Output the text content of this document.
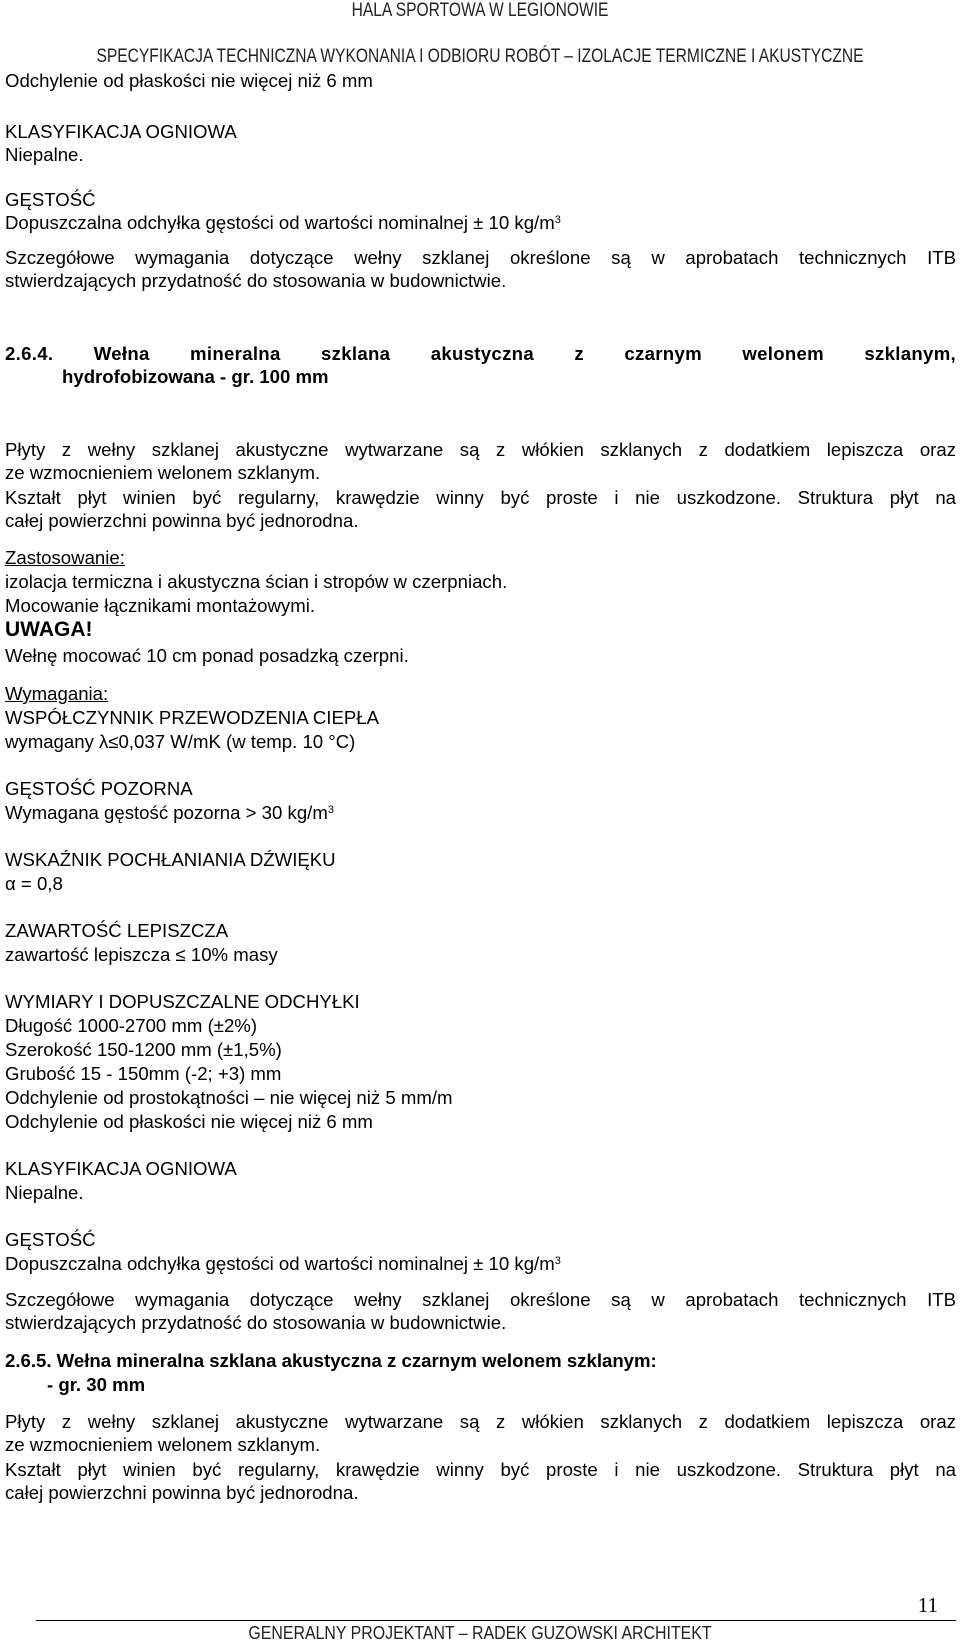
HALA SPORTOWA W LEGIONOWIE
SPECYFIKACJA TECHNICZNA WYKONANIA I ODBIORU ROBÓT – IZOLACJE TERMICZNE I AKUSTYCZNE
Odchylenie od płaskości nie więcej niż 6 mm
KLASYFIKACJA OGNIOWA
Niepalne.
GĘSTOŚĆ
Dopuszczalna odchyłka gęstości od wartości nominalnej ± 10 $kg/m^3$
Szczegółowe wymagania dotyczące wełny szklanej określone są w aprobatach technicznych ITB
stwierdzających przydatność do stosowania w budownictwie.
2.6.4. Wełna mineralna szklana akustyczna z czarnym welonem szklanym,
hydrofobizowana - gr. 100 mm
Płyty z wełny szklanej akustyczne wytwarzane są z włókien szklanych z dodatkiem lepiszcza oraz
ze wzmocnieniem welonem szklanym.
Kształt płyt winien być regularny, krawędzie winny być proste i nie uszkodzone. Struktura płyt na
całej powierzchni powinna być jednorodna.
Zastosowanie:
izolacja termiczna i akustyczna ścian i stropów w czerpniach.
Mocowanie łącznikami montażowymi.
UWAGA!
Wełnę mocować 10 cm ponad posadzką czerpni.
Wymagania:
WSPÓŁCZYNNIK PRZEWODZENIA CIEPŁA
wymagany λ≤0,037 W/mK (w temp. 10 °C)
GĘSTOŚĆ POZORNA
Wymagana gęstość pozorna > 30 $kg/m^3$
WSKAŹNIK POCHŁANIANIA DŹWIĘKU
α = 0,8
ZAWARTOŚĆ LEPISZCZA
zawartość lepiszcza ≤ 10% masy
WYMIARY I DOPUSZCZALNE ODCHYŁKI
Długość 1000-2700 mm (±2%)
Szerokość 150-1200 mm (±1,5%)
Grubość 15 - 150mm (-2; +3) mm
Odchylenie od prostokątności – nie więcej niż 5 mm/m
Odchylenie od płaskości nie więcej niż 6 mm
KLASYFIKACJA OGNIOWA
Niepalne.
GĘSTOŚĆ
Dopuszczalna odchyłka gęstości od wartości nominalnej ± 10 $kg/m^3$
Szczegółowe wymagania dotyczące wełny szklanej określone są w aprobatach technicznych ITB
stwierdzających przydatność do stosowania w budownictwie.
2.6.5. Wełna mineralna szklana akustyczna z czarnym welonem szklanym:
- gr. 30 mm
Płyty z wełny szklanej akustyczne wytwarzane są z włókien szklanych z dodatkiem lepiszcza oraz
ze wzmocnieniem welonem szklanym.
Kształt płyt winien być regularny, krawędzie winny być proste i nie uszkodzone. Struktura płyt na
całej powierzchni powinna być jednorodna.
11
GENERALNY PROJEKTANT – RADEK GUZOWSKI ARCHITEKT
